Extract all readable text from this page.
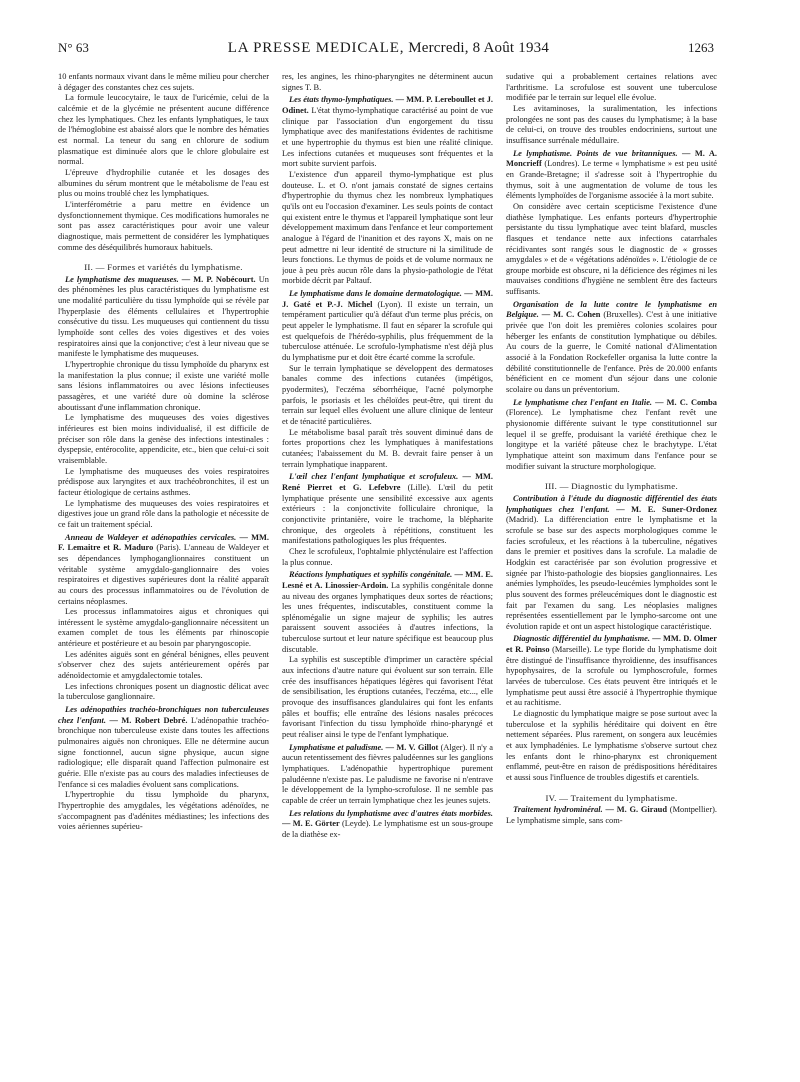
N° 63	LA PRESSE MEDICALE, Mercredi, 8 Août 1934	1263

10 enfants normaux vivant dans le même milieu pour chercher à dégager des constantes chez ces sujets.

La formule leucocytaire, le taux de l'uricémie, celui de la calcémie et de la glycémie ne présentent aucune différence chez les lymphatiques. Chez les enfants lymphatiques, le taux de l'hémoglobine est abaissé alors que le nombre des hématies est normal. La teneur du sang en chlorure de sodium plasmatique est diminuée alors que le chlore globulaire est normal.

L'épreuve d'hydrophilie cutanée et les dosages des albumines du sérum montrent que le métabolisme de l'eau est plus ou moins troublé chez les lymphatiques.

L'interférométrie a paru mettre en évidence un dysfonctionnement thymique. Ces modifications humorales ne sont pas assez caractéristiques pour avoir une valeur diagnostique, mais permettent de considérer les lymphatiques comme des déséquilibrés humoraux habituels.

II. — Formes et variétés du lymphatisme.

Le lymphatisme des muqueuses. — M. P. Nobécourt. Un des phénomènes les plus caractéristiques du lymphatisme est une modalité particulière du tissu lymphoïde qui se révèle par l'hyperplasie des éléments cellulaires et l'hypertrophie consécutive du tissu. Les muqueuses qui contiennent du tissu lymphoïde sont celles des voies digestives et des voies respiratoires ainsi que la conjonctive; c'est à leur niveau que se manifeste le lymphatisme des muqueuses.

L'hypertrophie chronique du tissu lymphoïde du pharynx est la manifestation la plus connue; il existe une variété molle sans lésions inflammatoires ou avec lésions infectieuses passagères, et une variété dure où domine la sclérose aboutissant d'une inflammation chronique.

Le lymphatisme des muqueuses des voies digestives inférieures est bien moins individualisé, il est difficile de préciser son rôle dans la genèse des infections intestinales : dyspepsie, entérocolite, appendicite, etc., bien que celui-ci soit vraisemblable.

Le lymphatisme des muqueuses des voies respiratoires prédispose aux laryngites et aux trachéobronchites, il est un facteur étiologique de certains asthmes.

Le lymphatisme des muqueuses des voies respiratoires et digestives joue un grand rôle dans la pathologie et nécessite de ce fait un traitement spécial.

Anneau de Waldeyer et adénopathies cervicales. — MM. F. Lemaitre et R. Maduro (Paris). L'anneau de Waldeyer et ses dépendances lymphoganglionnaires constituent un véritable système amygdalo-ganglionnaire des voies respiratoires et digestives supérieures dont la réalité apparaît au cours des processus inflammatoires ou de l'évolution de certains néoplasmes.

Les processus inflammatoires aigus et chroniques qui intéressent le système amygdalo-ganglionnaire nécessitent un examen complet de tous les éléments par rhinoscopie antérieure et postérieure et au besoin par pharyngoscopie.

Les adénites aiguës sont en général bénignes, elles peuvent s'observer chez des sujets antérieurement opérés par adénoïdectomie et amygdalectomie totales.

Les infections chroniques posent un diagnostic délicat avec la tuberculose ganglionnaire.

Les adénopathies trachéo-bronchiques non tuberculeuses chez l'enfant. — M. Robert Debré. L'adénopathie trachéo-bronchique non tuberculeuse existe dans toutes les affections pulmonaires aiguës non chroniques. Elle ne détermine aucun signe fonctionnel, aucun signe physique, aucun signe radiologique; elle disparaît quand l'affection pulmonaire est guérie. Elle n'existe pas au cours des maladies infectieuses de l'enfance si ces maladies évoluent sans complications.

L'hypertrophie du tissu lymphoïde du pharynx, l'hypertrophie des amygdales, les végétations adénoïdes, ne s'accompagnent pas d'adénites médiastines; les infections des voies aériennes supérieu-

res, les angines, les rhino-pharyngites ne déterminent aucun signes T. B.

Les états thymo-lymphatiques. — MM. P. Lereboullet et J. Odinet. L'état thymo-lymphatique caractérisé au point de vue clinique par l'association d'un engorgement du tissu lymphatique avec des manifestations évidentes de rachitisme et une hypertrophie du thymus est bien une réalité clinique. Les infections cutanées et muqueuses sont fréquentes et la mort subite survient parfois.

L'existence d'un appareil thymo-lymphatique est plus douteuse. L. et O. n'ont jamais constaté de signes certains d'hypertrophie du thymus chez les nombreux lymphatiques qu'ils ont eu l'occasion d'examiner. Les seuls points de contact qui existent entre le thymus et l'appareil lymphatique sont leur développement maximum dans l'enfance et leur comportement analogue à l'égard de l'inanition et des rayons X, mais on ne peut admettre ni leur identité de structure ni la similitude de leurs fonctions. Le thymus de poids et de volume normaux ne joue à peu près aucun rôle dans la physio-pathologie de l'état morbide décrit par Paltauf.

Le lymphatisme dans le domaine dermatologique. — MM. J. Gaté et P.-J. Michel (Lyon). Il existe un terrain, un tempérament particulier qu'à défaut d'un terme plus précis, on peut appeler le lymphatisme. Il faut en séparer la scrofule qui est quelquefois de l'hérédo-syphilis, plus fréquemment de la tuberculose atténuée. Le scrofulo-lymphatisme n'est déjà plus du lymphatisme pur et doit être écarté comme la scrofule.

Sur le terrain lymphatique se développent des dermatoses banales comme des infections cutanées (impétigos, pyodermites), l'eczéma séborrhéique, l'acné polymorphe parfois, le psoriasis et les chéloïdes peut-être, qui tirent du terrain sur lequel elles évoluent une allure clinique de lenteur et de ténacité particulières.

Le métabolisme basal paraît très souvent diminué dans de fortes proportions chez les lymphatiques à manifestations cutanées; l'abaissement du M. B. devrait faire penser à un terrain lymphatique inapparent.

L'œil chez l'enfant lymphatique et scrofuleux. — MM. René Pierret et G. Lefebvre (Lille). L'œil du petit lymphatique présente une sensibilité excessive aux agents extérieurs : la conjonctivite folliculaire chronique, la conjonctivite printanière, voire le trachome, la blépharite chronique, des orgeolets à répétitions, constituent les manifestations pathologiques les plus fréquentes.

Chez le scrofuleux, l'ophtalmie phlycténulaire est l'affection la plus connue.

Réactions lymphatiques et syphilis congénitale. — MM. E. Lesné et A. Linossier-Ardoin. La syphilis congénitale donne au niveau des organes lymphatiques deux sortes de réactions; les unes fréquentes, indiscutables, constituent comme la splénomégalie un signe majeur de syphilis; les autres paraissent souvent associées à d'autres infections, la tuberculose surtout et leur nature spécifique est beaucoup plus discutable.

La syphilis est susceptible d'imprimer un caractère spécial aux infections d'autre nature qui évoluent sur son terrain. Elle crée des insuffisances hépatiques légères qui favorisent l'état de sensibilisation, les éruptions cutanées, l'eczéma, etc..., elle provoque des insuffisances glandulaires qui font les enfants pâles et bouffis; elle entraîne des lésions nasales précoces favorisant l'infection du tissu lymphoïde rhino-pharyngé et peut réaliser ainsi le type de l'enfant lymphatique.

Lymphatisme et paludisme. — M. V. Gillot (Alger). Il n'y a aucun retentissement des fièvres paludéennes sur les ganglions lymphatiques. L'adénopathie hypertrophique purement paludéenne n'existe pas. Le paludisme ne favorise ni n'entrave le développement de la lympho-scrofulose. Il ne semble pas capable de créer un terrain lymphatique chez les jeunes sujets.

Les relations du lymphatisme avec d'autres états morbides. — M. E. Görter (Leyde). Le lymphatisme est un sous-groupe de la diathèse ex-

sudative qui a probablement certaines relations avec l'arthritisme. La scrofulose est souvent une tuberculose modifiée par le terrain sur lequel elle évolue.

Les avitaminoses, la suralimentation, les infections prolongées ne sont pas des causes du lymphatisme; à la base de celui-ci, on trouve des troubles endocriniens, surtout une insuffisance surrénale médullaire.

Le lymphatisme. Points de vue britanniques. — M. A. Moncrieff (Londres). Le terme « lymphatisme » est peu usité en Grande-Bretagne; il s'adresse soit à l'hypertrophie du thymus, soit à une augmentation de volume de tous les éléments lymphoïdes de l'organisme associée à la mort subite.

On considère avec certain scepticisme l'existence d'une diathèse lymphatique. Les enfants porteurs d'hypertrophie persistante du tissu lymphatique avec teint blafard, muscles flasques et tendance nette aux infections catarrhales récidivantes sont rangés sous le diagnostic de « grosses amygdales » et de « végétations adénoïdes ». L'étiologie de ce groupe morbide est obscure, ni la déficience des régimes ni les mauvaises conditions d'hygiène ne semblent être des facteurs suffisants.

Organisation de la lutte contre le lymphatisme en Belgique. — M. C. Cohen (Bruxelles). C'est à une initiative privée que l'on doit les premières colonies scolaires pour héberger les enfants de constitution lymphatique ou débiles. Au cours de la guerre, le Comité national d'Alimentation associé à la Fondation Rockefeller organisa la lutte contre la débilité constitutionnelle de l'enfance. Près de 20.000 enfants bénéficient en ce moment d'un séjour dans une colonie scolaire ou dans un préventorium.

Le lymphatisme chez l'enfant en Italie. — M. C. Comba (Florence). Le lymphatisme chez l'enfant revêt une physionomie différente suivant le type constitutionnel sur lequel il se greffe, produisant la variété érethique chez le longitype et la variété pâteuse chez le brachytype. L'état lymphatique atteint son maximum dans l'enfance pour se modifier suivant la structure morphologique.

III. — Diagnostic du lymphatisme.

Contribution à l'étude du diagnostic différentiel des états lymphatiques chez l'enfant. — M. E. Suner-Ordonez (Madrid). La différenciation entre le lymphatisme et la scrofule se base sur des aspects morphologiques comme le facies scrofuleux, et les réactions à la tuberculine, négatives dans le premier et positives dans la scrofule. La maladie de Hodgkin est caractérisée par son évolution progressive et signée par l'histo-pathologie des biopsies ganglionnaires. Les anémies lymphoïdes, les pseudo-leucémies lymphoïdes sont le plus souvent des formes préleucémiques dont le diagnostic est fait par l'examen du sang. Les néoplasies malignes représentées essentiellement par le lympho-sarcome ont une évolution rapide et ont un aspect histologique caractéristique.

Diagnostic différentiel du lymphatisme. — MM. D. Olmer et R. Poinso (Marseille). Le type floride du lymphatisme doit être distingué de l'insuffisance thyroïdienne, des insuffisances hypophysaires, de la scrofule ou lymphoscrofule, formes larvées de tuberculose. Ces états peuvent être intriqués et le lymphatisme peut aussi être associé à l'hypertrophie thymique et au rachitisme.

Le diagnostic du lymphatique maigre se pose surtout avec la tuberculose et la syphilis héréditaire qui doivent en être nettement séparées. Plus rarement, on songera aux leucémies et aux lymphadénies. Le lymphatisme s'observe surtout chez les enfants dont le rhino-pharynx est chroniquement enflammé, peut-être en raison de prédispositions héréditaires et aussi sous l'influence de troubles digestifs et carentiels.

IV. — Traitement du lymphatisme.

Traitement hydrominéral. — M. G. Giraud (Montpellier). Le lymphatisme simple, sans com-
